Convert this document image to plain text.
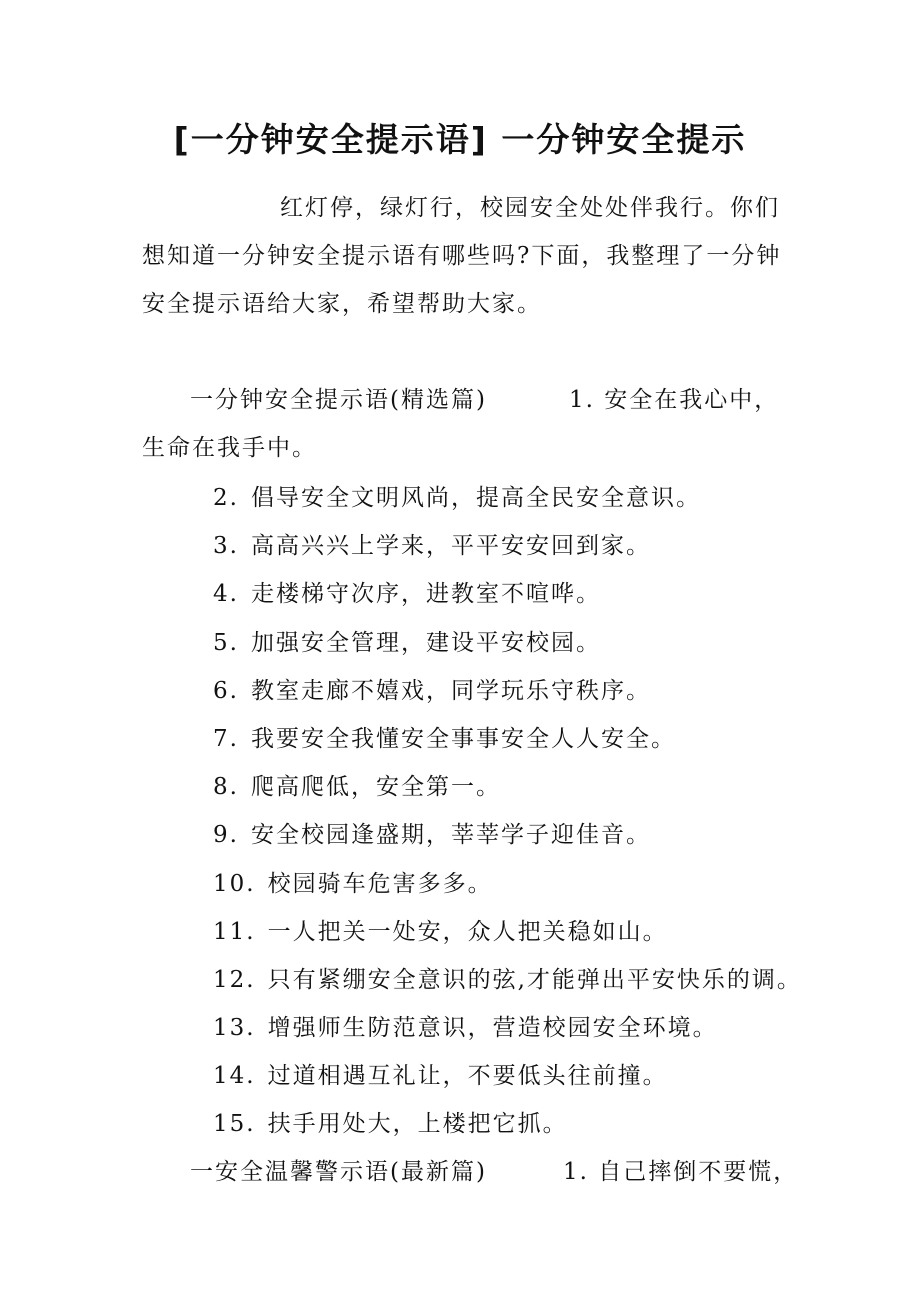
[一分钟安全提示语] 一分钟安全提示
红灯停，绿灯行，校园安全处处伴我行。你们
想知道一分钟安全提示语有哪些吗?下面，我整理了一分钟
安全提示语给大家，希望帮助大家。
一分钟安全提示语(精选篇)	1. 安全在我心中，
生命在我手中。
2. 倡导安全文明风尚，提高全民安全意识。
3. 高高兴兴上学来，平平安安回到家。
4. 走楼梯守次序，进教室不喧哗。
5. 加强安全管理，建设平安校园。
6. 教室走廊不嬉戏，同学玩乐守秩序。
7. 我要安全我懂安全事事安全人人安全。
8. 爬高爬低，安全第一。
9. 安全校园逢盛期，莘莘学子迎佳音。
10. 校园骑车危害多多。
11. 一人把关一处安，众人把关稳如山。
12. 只有紧绷安全意识的弦,才能弹出平安快乐的调。
13. 增强师生防范意识，营造校园安全环境。
14. 过道相遇互礼让，不要低头往前撞。
15. 扶手用处大，上楼把它抓。
一安全温馨警示语(最新篇)	1. 自己摔倒不要慌，
